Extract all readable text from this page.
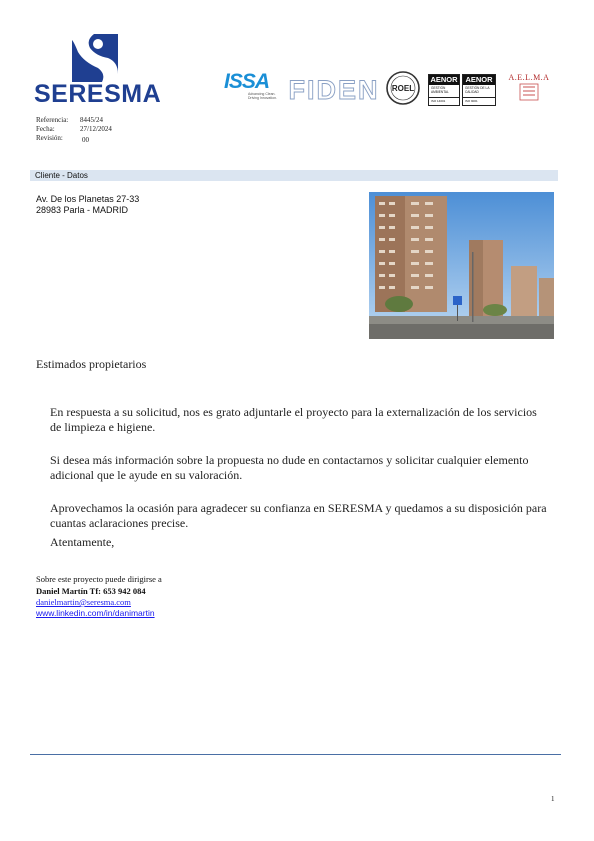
SERESMA	ISSA
Advancing Clean. Driving Innovation. FIDEN ROEL
AENOR
GESTIÓN AMBIENTAL
ISO 14001
AENOR
GESTIÓN DE LA CALIDAD
ISO 9001
A.E.L.M.A
Referencia: 8445/24
Fecha:	27/12/2024
Revisión:	00
Cliente - Datos
Av. De los Planetas 27-33
28983 Parla - MADRID
Estimados propietarios
En respuesta a su solicitud, nos es grato adjuntarle el proyecto para la externalización de los servicios de limpieza e higiene.
Si desea más información sobre la propuesta no dude en contactarnos y solicitar cualquier elemento adicional que le ayude en su valoración.
Aprovechamos la ocasión para agradecer su confianza en SERESMA y quedamos a su disposición para cuantas aclaraciones precise.
Atentamente,
Sobre este proyecto puede dirigirse a
Daniel Martín Tf: 653 942 084
danielmartin@seresma.com
www.linkedin.com/in/danimartin
1
